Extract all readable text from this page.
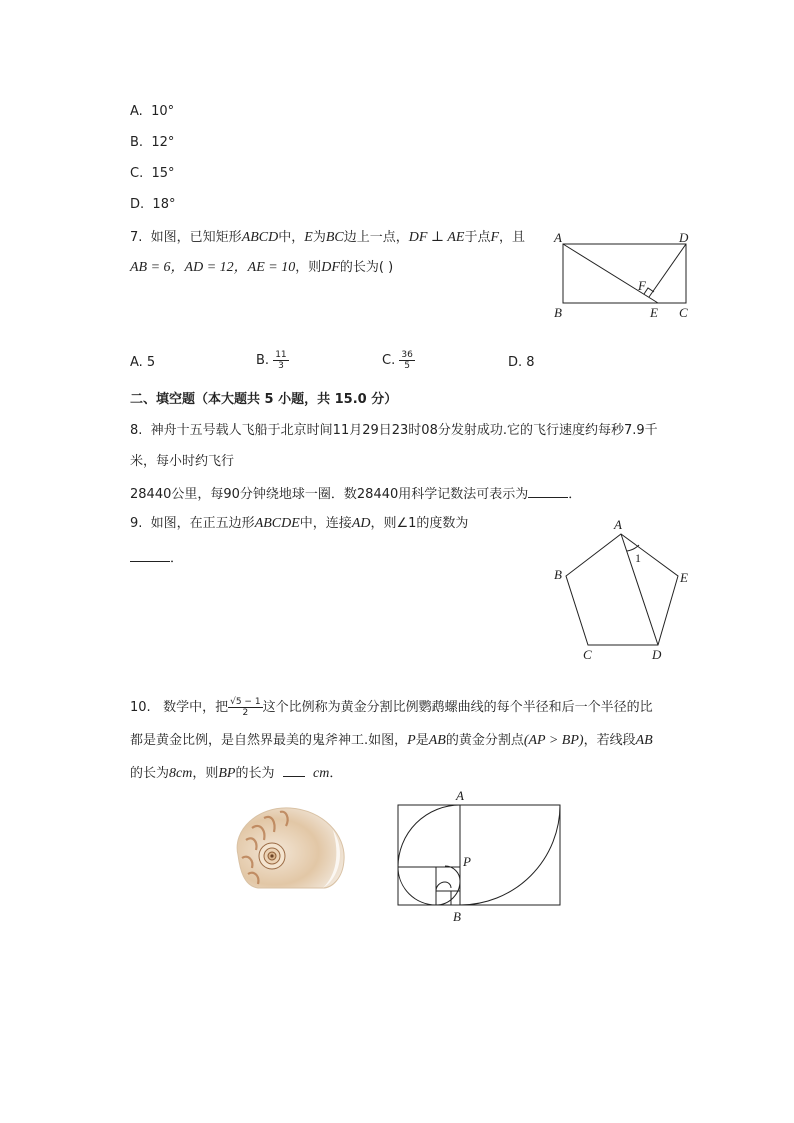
A. 10°
B. 12°
C. 15°
D. 18°
7. 如图，已知矩形ABCD中，E为BC边上一点，DF ⊥ AE于点F，且
AB = 6，AD = 12，AE = 10，则DF的长为( )
A	D
B	E C
F
A. 5	B. $\frac{11}{3}$	C. $\frac{36}{5}$	D. 8
二、填空题（本大题共 5 小题，共 15.0 分）
8. 神舟十五号载人飞船于北京时间11月29日23时08分发射成功.它的飞行速度约每秒7.9千
米，每小时约飞行
28440公里，每90分钟绕地球一圈．数28440用科学记数法可表示为	．
9. 如图，在正五边形ABCDE中，连接AD，则∠1的度数为
．
A
B	E
C	D
1
10. 数学中，把 $\frac{√5 - 1}{2}$ 这个比例称为黄金分割比例鹦鹉螺曲线的每个半径和后一个半径的比
都是黄金比例，是自然界最美的鬼斧神工.如图，P是AB的黄金分割点(AP > BP)，若线段AB
的长为8cm，则BP的长为	cm．
A
P
B
